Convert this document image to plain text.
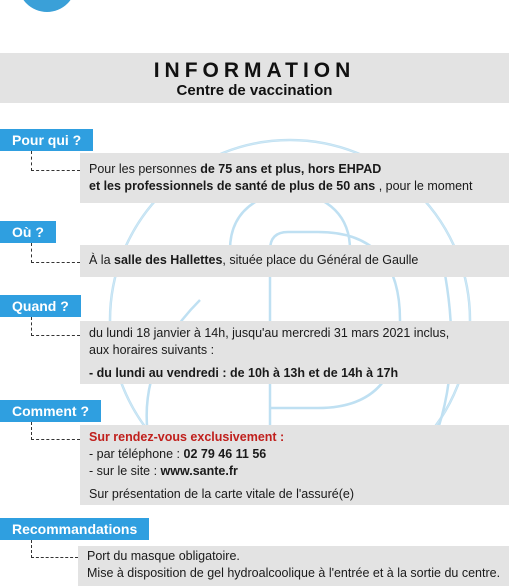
INFORMATION
Centre de vaccination
Pour qui ?
Pour les personnes de 75 ans et plus, hors EHPAD
et les professionnels de santé de plus de 50 ans , pour le moment
Où ?
À la salle des Hallettes, située place du Général de Gaulle
Quand ?
du lundi 18 janvier à 14h, jusqu'au mercredi 31 mars 2021 inclus,
aux horaires suivants :
- du lundi au vendredi : de 10h à 13h et de 14h à 17h
Comment ?
Sur rendez-vous exclusivement :
- par téléphone : 02 79 46 11 56
- sur le site : www.sante.fr
Sur présentation de la carte vitale de l'assuré(e)
Recommandations
Port du masque obligatoire.
Mise à disposition de gel hydroalcoolique à l'entrée et à la sortie du centre.
